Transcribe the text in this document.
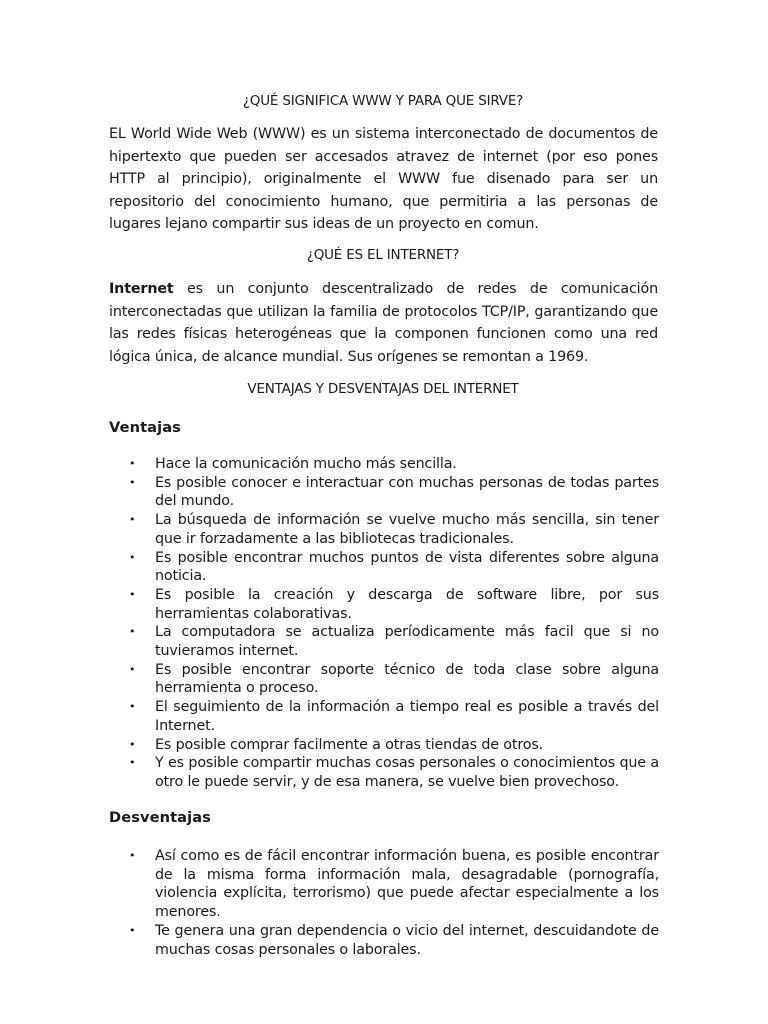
¿QUÉ SIGNIFICA WWW Y PARA QUE SIRVE?
EL World Wide Web (WWW) es un sistema interconectado de documentos de hipertexto que pueden ser accesados atravez de internet (por eso pones HTTP al principio), originalmente el WWW fue disenado para ser un repositorio del conocimiento humano, que permitiria a las personas de lugares lejano compartir sus ideas de un proyecto en comun.
¿QUÉ ES EL INTERNET?
Internet es un conjunto descentralizado de redes de comunicación interconectadas que utilizan la familia de protocolos TCP/IP, garantizando que las redes físicas heterogéneas que la componen funcionen como una red lógica única, de alcance mundial. Sus orígenes se remontan a 1969.
VENTAJAS Y DESVENTAJAS DEL INTERNET
Ventajas
• Hace la comunicación mucho más sencilla.
• Es posible conocer e interactuar con muchas personas de todas partes del mundo.
• La búsqueda de información se vuelve mucho más sencilla, sin tener que ir forzadamente a las bibliotecas tradicionales.
• Es posible encontrar muchos puntos de vista diferentes sobre alguna noticia.
• Es posible la creación y descarga de software libre, por sus herramientas colaborativas.
• La computadora se actualiza períodicamente más facil que si no tuvieramos internet.
• Es posible encontrar soporte técnico de toda clase sobre alguna herramienta o proceso.
• El seguimiento de la información a tiempo real es posible a través del Internet.
• Es posible comprar facilmente a otras tiendas de otros.
• Y es posible compartir muchas cosas personales o conocimientos que a otro le puede servir, y de esa manera, se vuelve bien provechoso.
Desventajas
• Así como es de fácil encontrar información buena, es posible encontrar de la misma forma información mala, desagradable (pornografía, violencia explícita, terrorismo) que puede afectar especialmente a los menores.
• Te genera una gran dependencia o vicio del internet, descuidandote de muchas cosas personales o laborales.
